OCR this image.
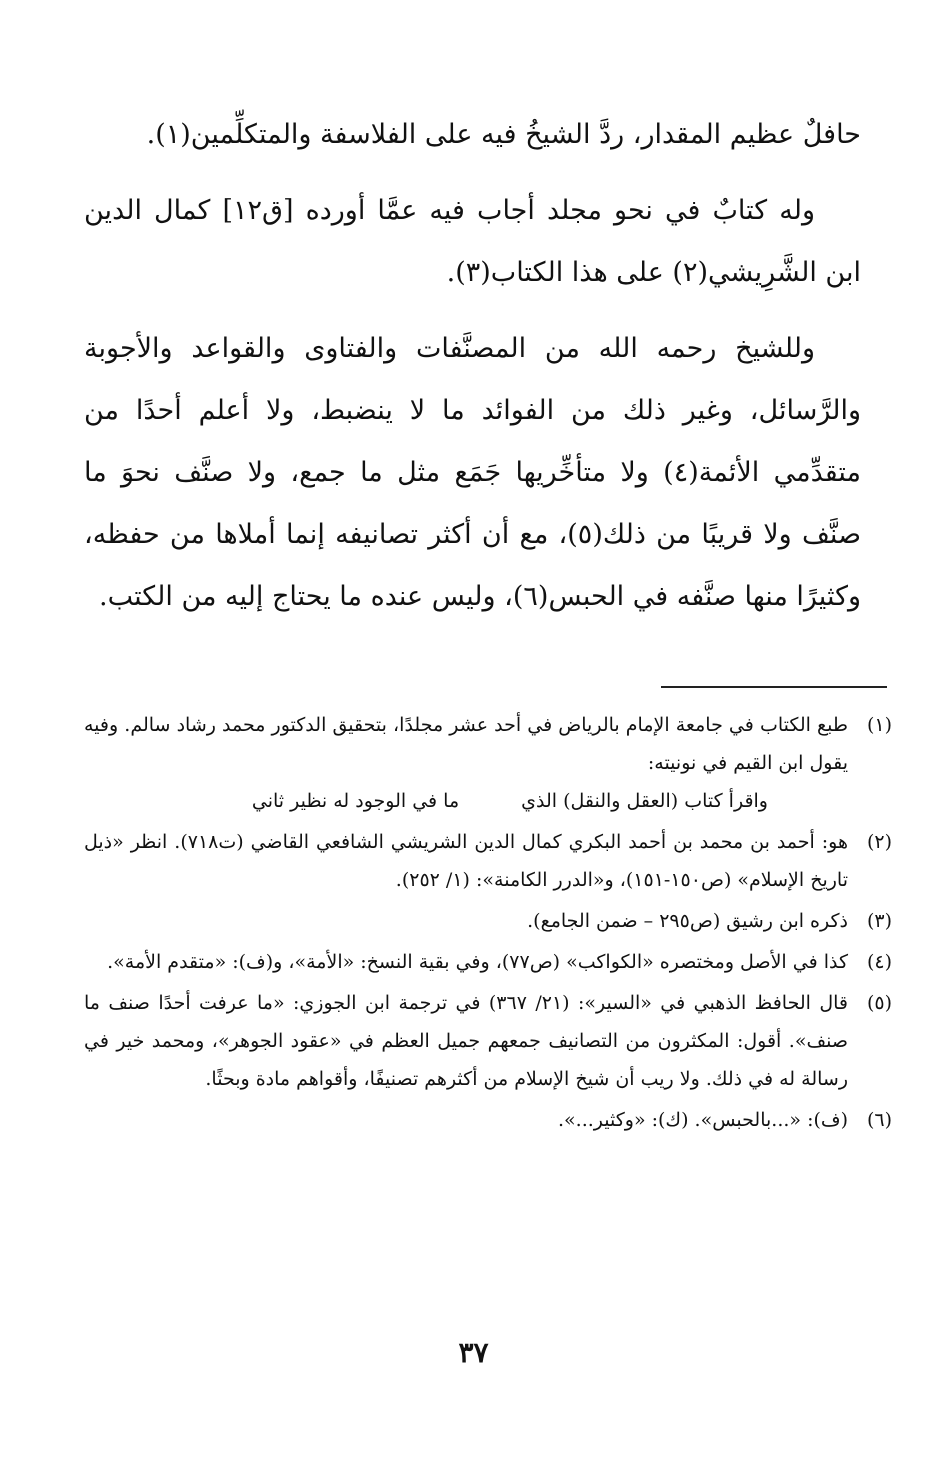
حافلٌ عظيم المقدار، ردَّ الشيخُ فيه على الفلاسفة والمتكلِّمين(١).

وله كتابٌ في نحو مجلد أجاب فيه عمَّا أورده [ق١٢] كمال الدين ابن الشَّرِيشي(٢) على هذا الكتاب(٣).

وللشيخ رحمه الله من المصنَّفات والفتاوى والقواعد والأجوبة والرَّسائل، وغير ذلك من الفوائد ما لا ينضبط، ولا أعلم أحدًا من متقدِّمي الأئمة(٤) ولا متأخِّريها جَمَع مثل ما جمع، ولا صنَّف نحوَ ما صنَّف ولا قريبًا من ذلك(٥)، مع أن أكثر تصانيفه إنما أملاها من حفظه، وكثيرًا منها صنَّفه في الحبس(٦)، وليس عنده ما يحتاج إليه من الكتب.

(١)
طبع الكتاب في جامعة الإمام بالرياض في أحد عشر مجلدًا، بتحقيق الدكتور محمد رشاد سالم. وفيه يقول ابن القيم في نونيته:
واقرأ كتاب (العقل والنقل) الذي
ما في الوجود له نظير ثاني
(٢)
هو: أحمد بن محمد بن أحمد البكري كمال الدين الشريشي الشافعي القاضي (ت٧١٨). انظر «ذيل تاريخ الإسلام» (ص١٥٠-١٥١)، و«الدرر الكامنة»: (١/ ٢٥٢).
(٣)
ذكره ابن رشيق (ص٢٩٥ – ضمن الجامع).
(٤)
كذا في الأصل ومختصره «الكواكب» (ص٧٧)، وفي بقية النسخ: «الأمة»، و(ف): «متقدم الأمة».
(٥)
قال الحافظ الذهبي في «السير»: (٢١/ ٣٦٧) في ترجمة ابن الجوزي: «ما عرفت أحدًا صنف ما صنف». أقول: المكثرون من التصانيف جمعهم جميل العظم في «عقود الجوهر»، ومحمد خير في رسالة له في ذلك. ولا ريب أن شيخ الإسلام من أكثرهم تصنيفًا، وأقواهم مادة وبحثًا.
(٦)
(ف): «...بالحبس». (ك): «وكثير...».
٣٧
